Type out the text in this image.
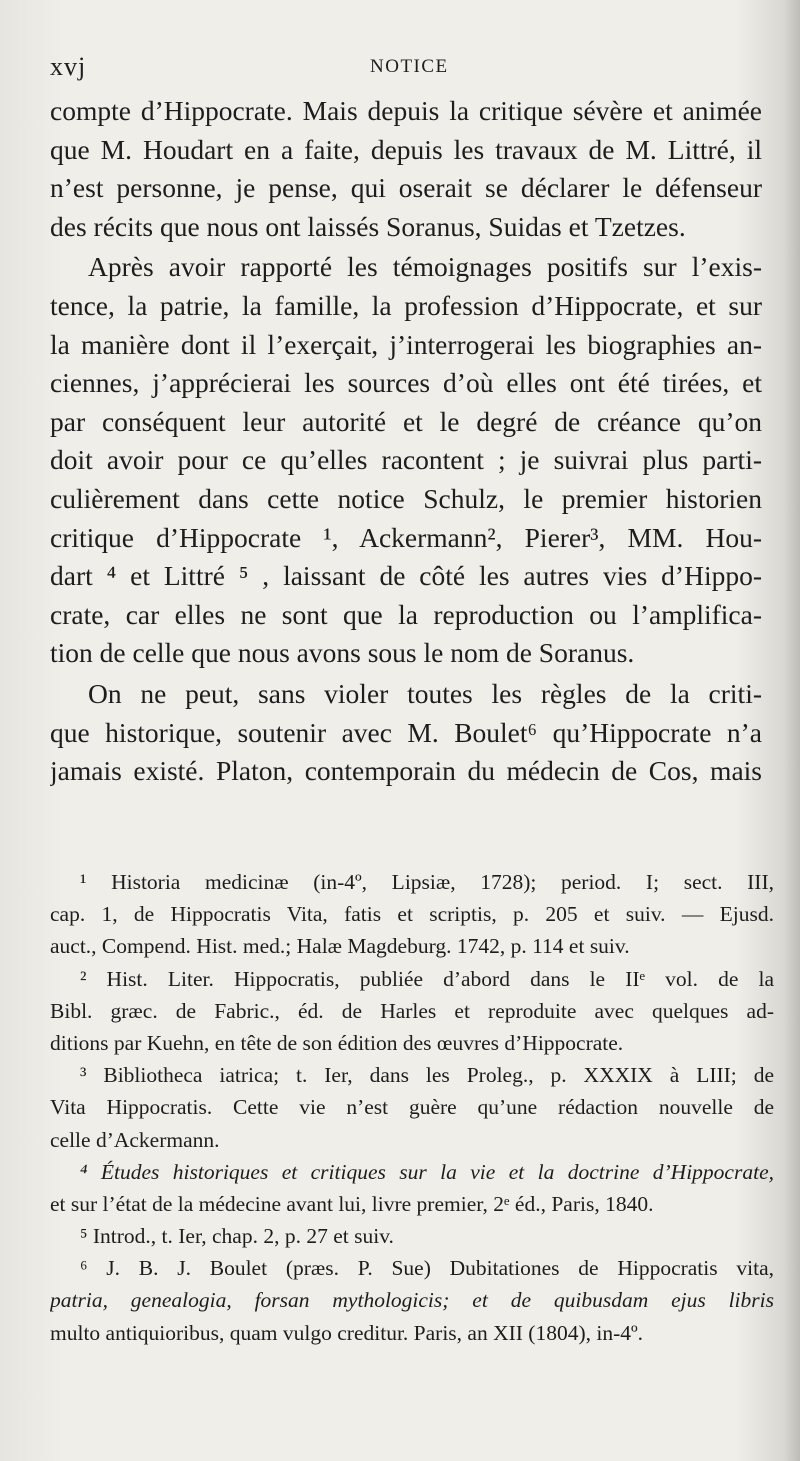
xvj	NOTICE
compte d’Hippocrate. Mais depuis la critique sévère et animée
que M. Houdart en a faite, depuis les travaux de M. Littré, il
n’est personne, je pense, qui oserait se déclarer le défenseur
des récits que nous ont laissés Soranus, Suidas et Tzetzes.
Après avoir rapporté les témoignages positifs sur l’exis-
tence, la patrie, la famille, la profession d’Hippocrate, et sur
la manière dont il l’exerçait, j’interrogerai les biographies an-
ciennes, j’apprécierai les sources d’où elles ont été tirées, et
par conséquent leur autorité et le degré de créance qu’on
doit avoir pour ce qu’elles racontent ; je suivrai plus parti-
culièrement dans cette notice Schulz, le premier historien
critique d’Hippocrate ¹, Ackermann², Pierer³, MM. Hou-
dart ⁴ et Littré ⁵ , laissant de côté les autres vies d’Hippo-
crate, car elles ne sont que la reproduction ou l’amplifica-
tion de celle que nous avons sous le nom de Soranus.
On ne peut, sans violer toutes les règles de la criti-
que historique, soutenir avec M. Boulet⁶ qu’Hippocrate n’a
jamais existé. Platon, contemporain du médecin de Cos, mais
¹ Historia medicinæ (in-4º, Lipsiæ, 1728); period. I; sect. III,
cap. 1, de Hippocratis Vita, fatis et scriptis, p. 205 et suiv. — Ejusd.
auct., Compend. Hist. med.; Halæ Magdeburg. 1742, p. 114 et suiv.
² Hist. Liter. Hippocratis, publiée d’abord dans le IIᵉ vol. de la
Bibl. græc. de Fabric., éd. de Harles et reproduite avec quelques ad-
ditions par Kuehn, en tête de son édition des œuvres d’Hippocrate.
³ Bibliotheca iatrica; t. Ier, dans les Proleg., p. XXXIX à LIII; de
Vita Hippocratis. Cette vie n’est guère qu’une rédaction nouvelle de
celle d’Ackermann.
⁴ Études historiques et critiques sur la vie et la doctrine d’Hippocrate,
et sur l’état de la médecine avant lui, livre premier, 2ᵉ éd., Paris, 1840.
⁵ Introd., t. Ier, chap. 2, p. 27 et suiv.
⁶ J. B. J. Boulet (præs. P. Sue) Dubitationes de Hippocratis vita,
patria, genealogia, forsan mythologicis; et de quibusdam ejus libris
multo antiquioribus, quam vulgo creditur. Paris, an XII (1804), in-4º.
